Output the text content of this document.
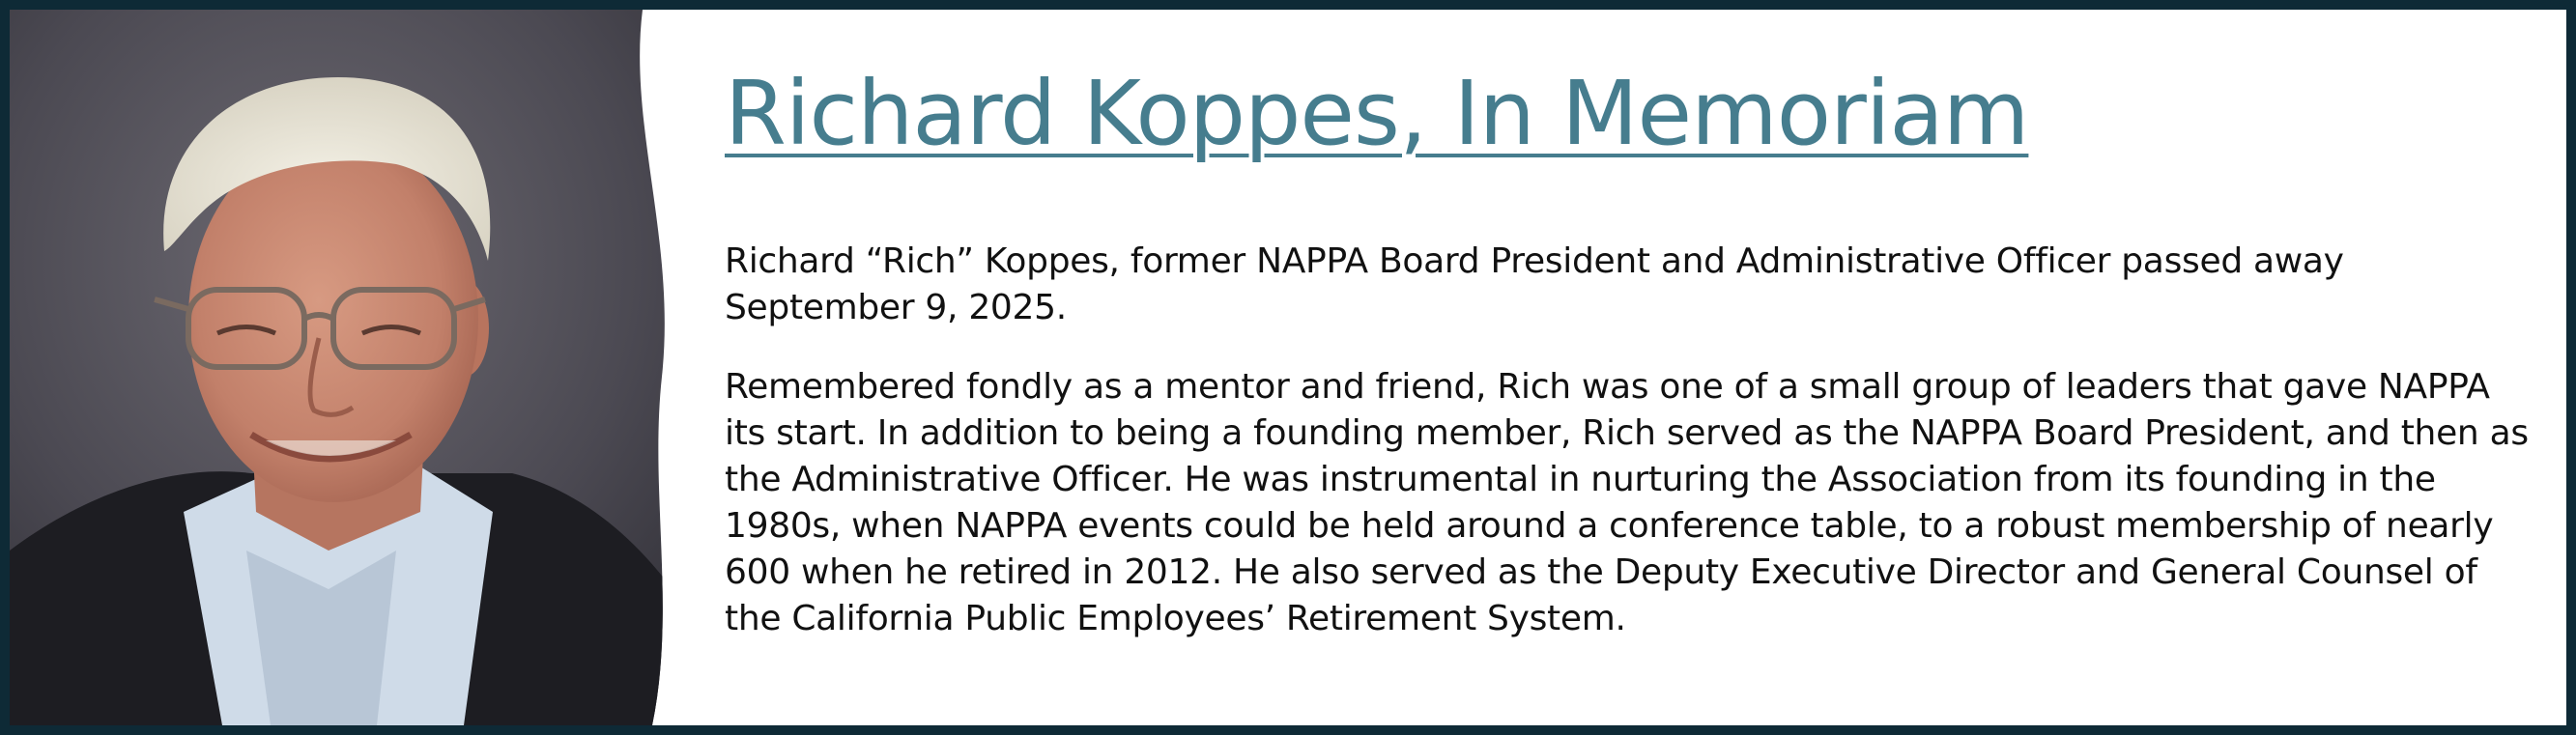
Richard Koppes, In Memoriam

Richard “Rich” Koppes, former NAPPA Board President and Administrative Officer passed away September 9, 2025.

Remembered fondly as a mentor and friend, Rich was one of a small group of leaders that gave NAPPA its start. In addition to being a founding member, Rich served as the NAPPA Board President, and then as the Administrative Officer. He was instrumental in nurturing the Association from its founding in the 1980s, when NAPPA events could be held around a conference table, to a robust membership of nearly 600 when he retired in 2012. He also served as the Deputy Executive Director and General Counsel of the California Public Employees’ Retirement System.
